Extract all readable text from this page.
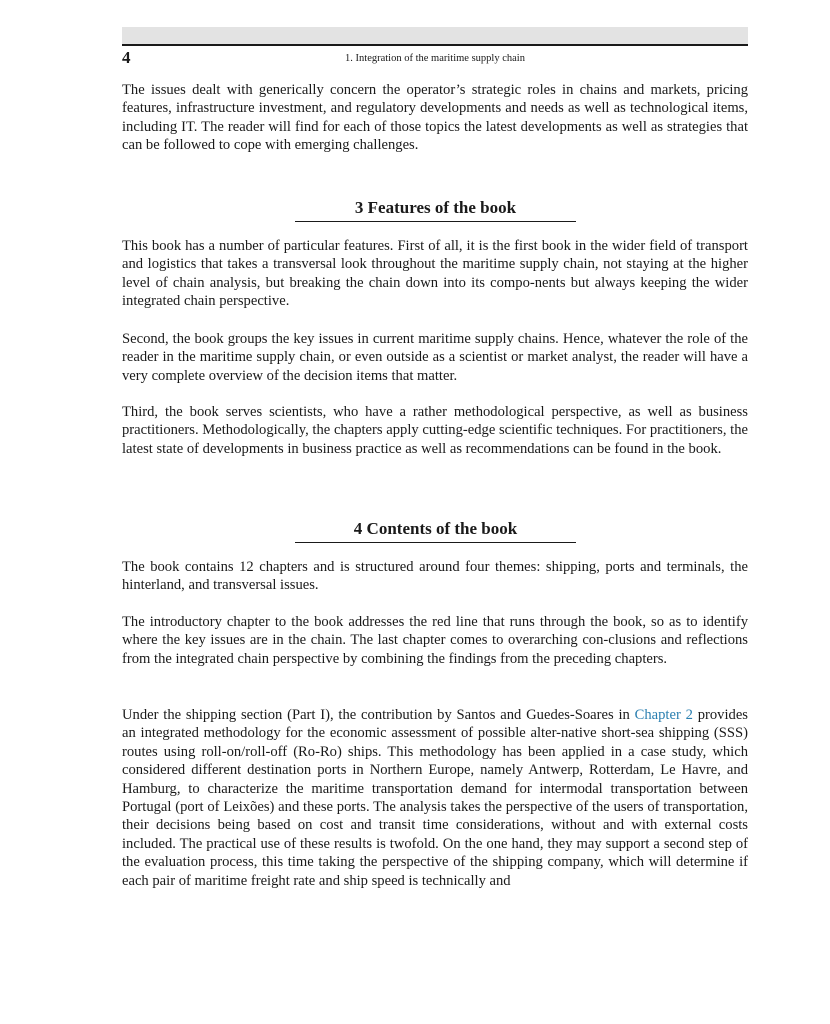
4	1. Integration of the maritime supply chain

The issues dealt with generically concern the operator’s strategic roles in chains and markets, pricing features, infrastructure investment, and regulatory developments and needs as well as technological items, including IT. The reader will find for each of those topics the latest developments as well as strategies that can be followed to cope with emerging challenges.

3 Features of the book

This book has a number of particular features. First of all, it is the first book in the wider field of transport and logistics that takes a transversal look throughout the maritime supply chain, not staying at the higher level of chain analysis, but breaking the chain down into its compo-nents but always keeping the wider integrated chain perspective.

Second, the book groups the key issues in current maritime supply chains. Hence, whatever the role of the reader in the maritime supply chain, or even outside as a scientist or market analyst, the reader will have a very complete overview of the decision items that matter.

Third, the book serves scientists, who have a rather methodological perspective, as well as business practitioners. Methodologically, the chapters apply cutting-edge scientific techniques. For practitioners, the latest state of developments in business practice as well as recommendations can be found in the book.

4 Contents of the book

The book contains 12 chapters and is structured around four themes: shipping, ports and terminals, the hinterland, and transversal issues.

The introductory chapter to the book addresses the red line that runs through the book, so as to identify where the key issues are in the chain. The last chapter comes to overarching con-clusions and reflections from the integrated chain perspective by combining the findings from the preceding chapters.

Under the shipping section (Part I), the contribution by Santos and Guedes-Soares in Chapter 2 provides an integrated methodology for the economic assessment of possible alter-native short-sea shipping (SSS) routes using roll-on/roll-off (Ro-Ro) ships. This methodology has been applied in a case study, which considered different destination ports in Northern Europe, namely Antwerp, Rotterdam, Le Havre, and Hamburg, to characterize the maritime transportation demand for intermodal transportation between Portugal (port of Leixões) and these ports. The analysis takes the perspective of the users of transportation, their decisions being based on cost and transit time considerations, without and with external costs included. The practical use of these results is twofold. On the one hand, they may support a second step of the evaluation process, this time taking the perspective of the shipping company, which will determine if each pair of maritime freight rate and ship speed is technically and
